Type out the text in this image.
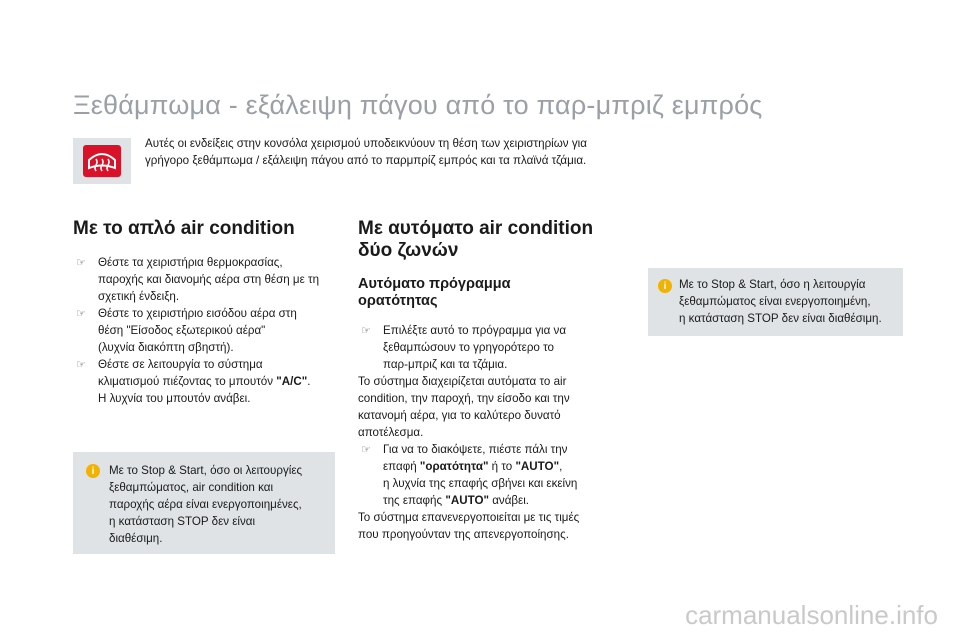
Ξεθάμπωμα - εξάλειψη πάγου από το παρ-μπριζ εμπρός
Αυτές οι ενδείξεις στην κονσόλα χειρισμού υποδεικνύουν τη θέση των χειριστηρίων για
γρήγορο ξεθάμπωμα / εξάλειψη πάγου από το παρμπρίζ εμπρός και τα πλαϊνά τζάμια.
Με το απλό air condition
☞ Θέστε τα χειριστήρια θερμοκρασίας,
παροχής και διανομής αέρα στη θέση με τη
σχετική ένδειξη.
☞ Θέστε το χειριστήριο εισόδου αέρα στη
θέση "Είσοδος εξωτερικού αέρα"
(λυχνία διακόπτη σβηστή).
☞ Θέστε σε λειτουργία το σύστημα
κλιματισμού πιέζοντας το μπουτόν "A/C".
Η λυχνία του μπουτόν ανάβει.
i	Με το Stop & Start, όσο οι λειτουργίες
ξεθαμπώματος, air condition και
παροχής αέρα είναι ενεργοποιημένες,
η κατάσταση STOP δεν είναι
διαθέσιμη.
Με αυτόματο air condition
δύο ζωνών
Αυτόματο πρόγραμμα
ορατότητας
☞ Επιλέξτε αυτό το πρόγραμμα για να
ξεθαμπώσουν το γρηγορότερο το
παρ-μπριζ και τα τζάμια.
Το σύστημα διαχειρίζεται αυτόματα το air
condition, την παροχή, την είσοδο και την
κατανομή αέρα, για το καλύτερο δυνατό
αποτέλεσμα.
☞ Για να το διακόψετε, πιέστε πάλι την
επαφή "ορατότητα" ή το "AUTO",
η λυχνία της επαφής σβήνει και εκείνη
της επαφής "AUTO" ανάβει.
Το σύστημα επανενεργοποιείται με τις τιμές
που προηγούνταν της απενεργοποίησης.
i	Με το Stop & Start, όσο η λειτουργία
ξεθαμπώματος είναι ενεργοποιημένη,
η κατάσταση STOP δεν είναι διαθέσιμη.
carmanualsonline.info
